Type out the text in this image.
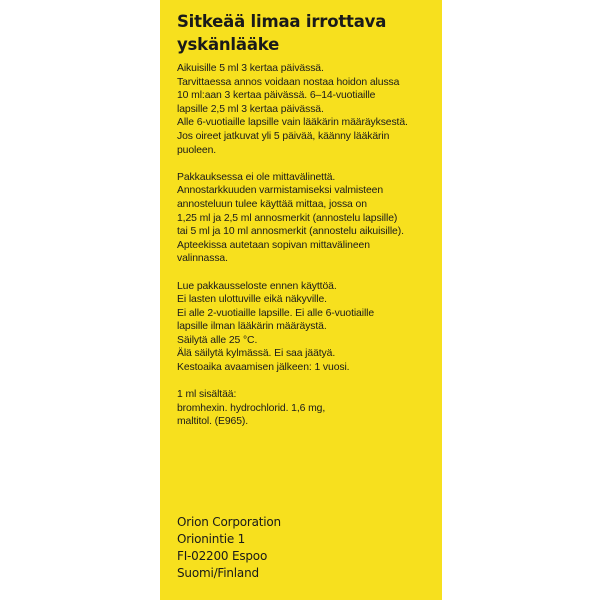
Sitkeää limaa irrottava
yskänlääke
Aikuisille 5 ml 3 kertaa päivässä.
Tarvittaessa annos voidaan nostaa hoidon alussa
10 ml:aan 3 kertaa päivässä. 6–14-vuotiaille
lapsille 2,5 ml 3 kertaa päivässä.
Alle 6-vuotiaille lapsille vain lääkärin määräyksestä.
Jos oireet jatkuvat yli 5 päivää, käänny lääkärin
puoleen.
Pakkauksessa ei ole mittavälinettä.
Annostarkkuuden varmistamiseksi valmisteen
annosteluun tulee käyttää mittaa, jossa on
1,25 ml ja 2,5 ml annosmerkit (annostelu lapsille)
tai 5 ml ja 10 ml annosmerkit (annostelu aikuisille).
Apteekissa autetaan sopivan mittavälineen
valinnassa.
Lue pakkausseloste ennen käyttöä.
Ei lasten ulottuville eikä näkyville.
Ei alle 2-vuotiaille lapsille. Ei alle 6-vuotiaille
lapsille ilman lääkärin määräystä.
Säilytä alle 25 °C.
Älä säilytä kylmässä. Ei saa jäätyä.
Kestoaika avaamisen jälkeen: 1 vuosi.
1 ml sisältää:
bromhexin. hydrochlorid. 1,6 mg,
maltitol. (E965).
Orion Corporation
Orionintie 1
FI-02200 Espoo
Suomi/Finland
